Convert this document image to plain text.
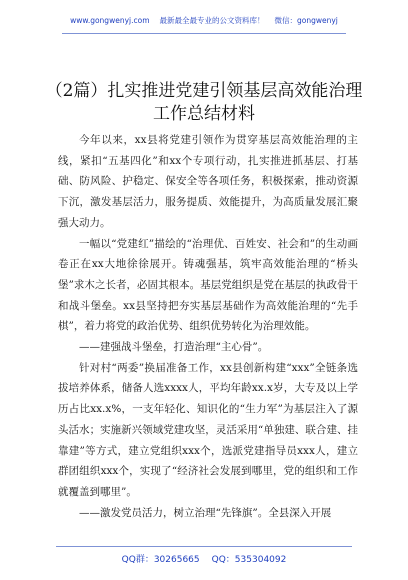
www.gongwenyj.com 最新最全最专业的公文资料库！ 微信：gongwenyj
（2篇）扎实推进党建引领基层高效能治理工作总结材料

今年以来，xx县将党建引领作为贯穿基层高效能治理的主线，紧扣“五基四化”和xx个专项行动，扎实推进抓基层、打基础、防风险、护稳定、保安全等各项任务，积极探索，推动资源下沉，激发基层活力，服务提质、效能提升，为高质量发展汇聚强大动力。

一幅以“党建红”描绘的“治理优、百姓安、社会和”的生动画卷正在xx大地徐徐展开。铸魂强基，筑牢高效能治理的“桥头堡”求木之长者，必固其根本。基层党组织是党在基层的执政骨干和战斗堡垒。xx县坚持把夯实基层基础作为高效能治理的“先手棋”，着力将党的政治优势、组织优势转化为治理效能。

——建强战斗堡垒，打造治理“主心骨”。

针对村“两委”换届准备工作，xx县创新构建“xxx”全链条选拔培养体系，储备人选xxxx人，平均年龄xx.x岁，大专及以上学历占比xx.x%，一支年轻化、知识化的“生力军”为基层注入了源头活水；实施新兴领域党建攻坚，灵活采用“单独建、联合建、挂靠建”等方式，建立党组织xxx个，选派党建指导员xxx人，建立群团组织xxx个，实现了“经济社会发展到哪里，党的组织和工作就覆盖到哪里”。

——激发党员活力，树立治理“先锋旗”。全县深入开展

QQ群：30265665 QQ：535304092
